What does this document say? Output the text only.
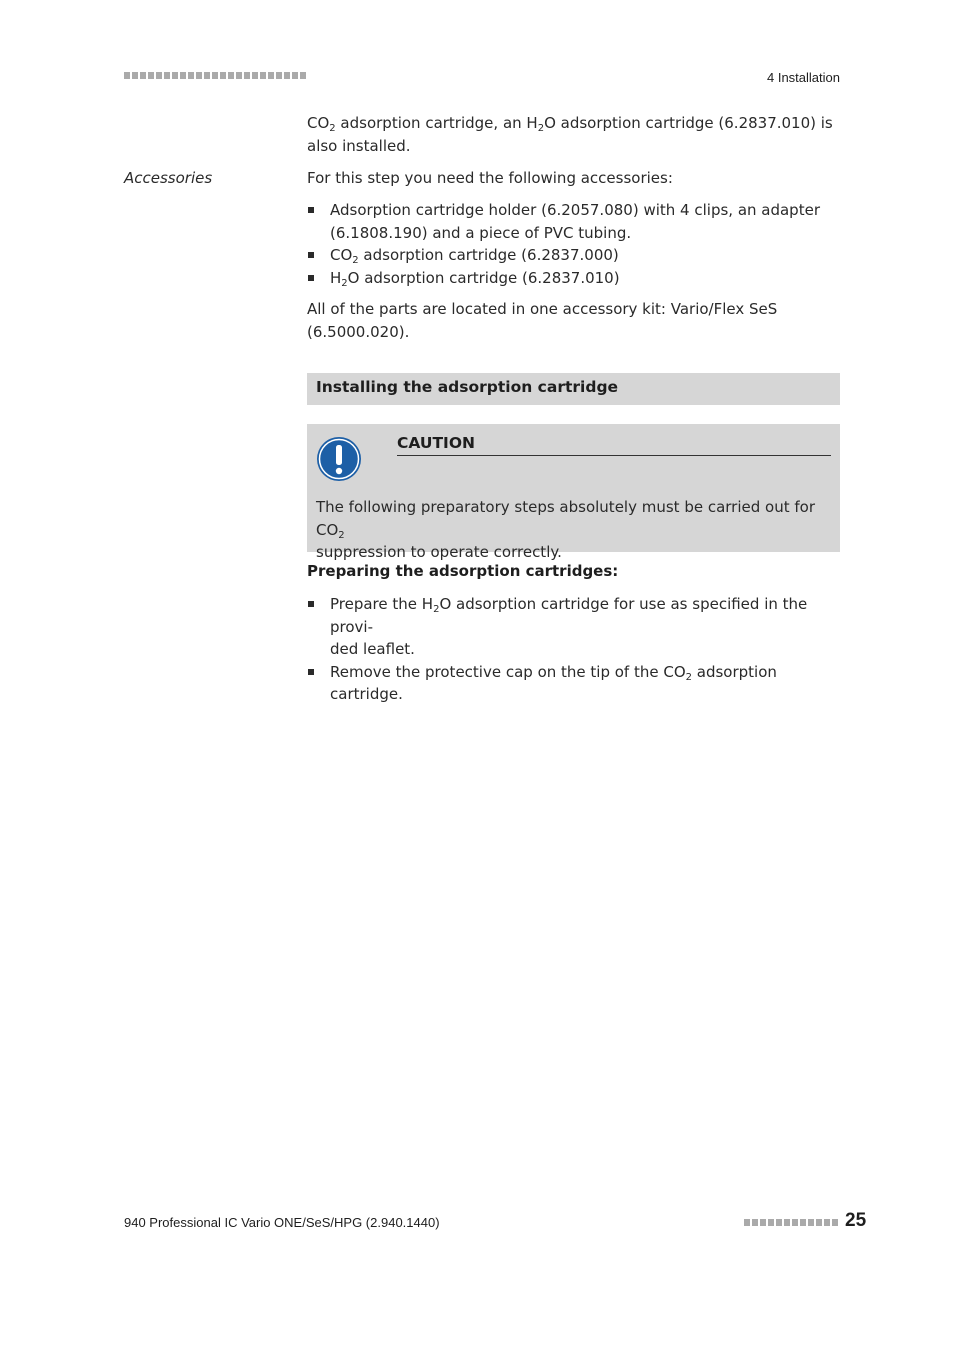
4 Installation
$CO_2$ adsorption cartridge, an $H_2O$ adsorption cartridge (6.2837.010) is
also installed.
Accessories	For this step you need the following accessories:
Adsorption cartridge holder (6.2057.080) with 4 clips, an adapter
(6.1808.190) and a piece of PVC tubing.
$CO_2$ adsorption cartridge (6.2837.000)
$H_2O$ adsorption cartridge (6.2837.010)
All of the parts are located in one accessory kit: Vario/Flex SeS
(6.5000.020).
Installing the adsorption cartridge
CAUTION
The following preparatory steps absolutely must be carried out for $CO_2$
suppression to operate correctly.
Preparing the adsorption cartridges:
Prepare the $H_2O$ adsorption cartridge for use as specified in the provi-
ded leaflet.
Remove the protective cap on the tip of the $CO_2$ adsorption cartridge.
940 Professional IC Vario ONE/SeS/HPG (2.940.1440)	25
